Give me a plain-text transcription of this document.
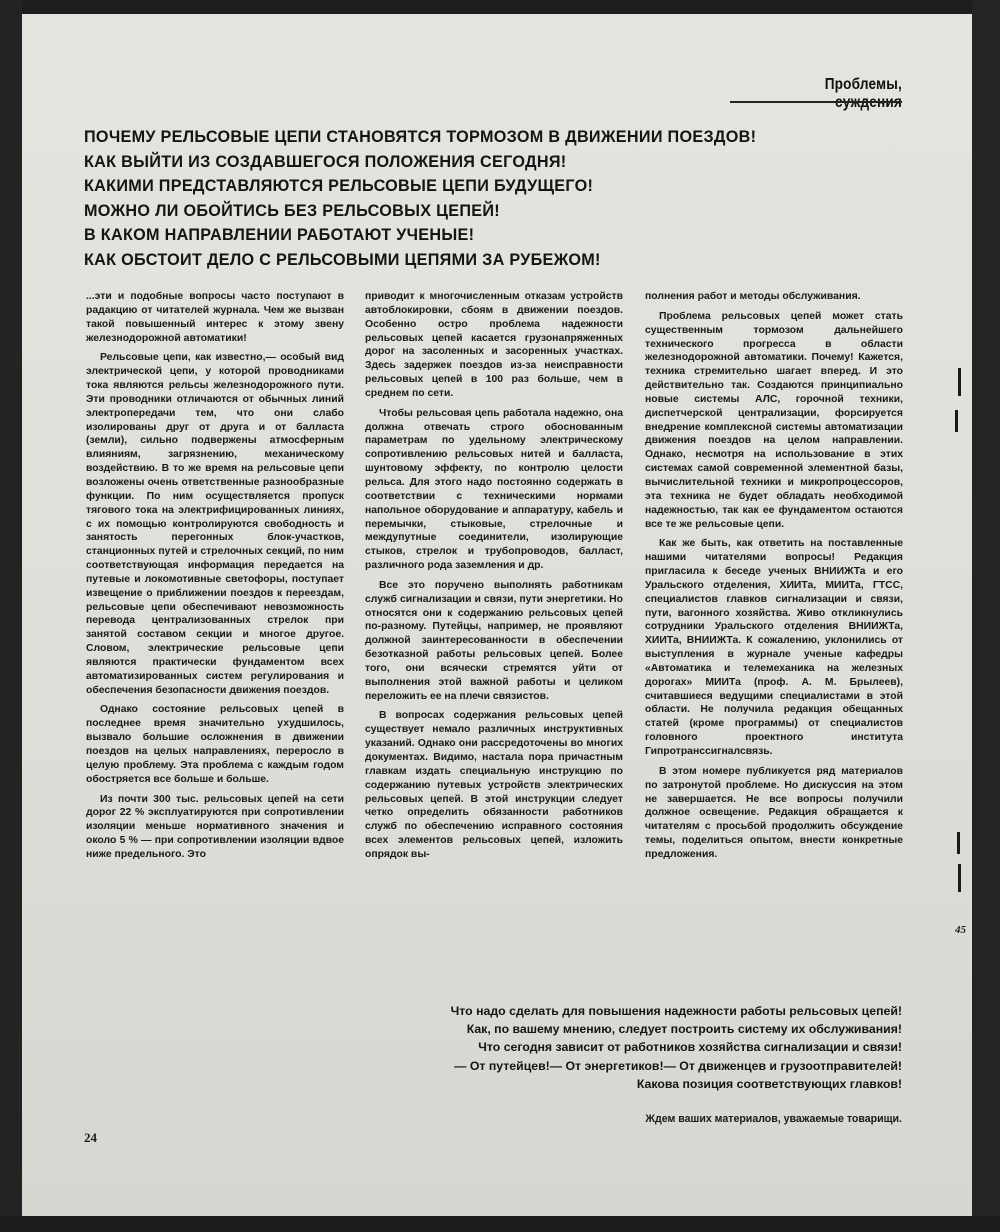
Проблемы,
ПОЧЕМУ РЕЛЬСОВЫЕ ЦЕПИ СТАНОВЯТСЯ ТОРМОЗОМ В ДВИЖЕНИИ ПОЕЗДОВ!
КАК ВЫЙТИ ИЗ СОЗДАВШЕГОСЯ ПОЛОЖЕНИЯ СЕГОДНЯ!
КАКИМИ ПРЕДСТАВЛЯЮТСЯ РЕЛЬСОВЫЕ ЦЕПИ БУДУЩЕГО!
МОЖНО ЛИ ОБОЙТИСЬ БЕЗ РЕЛЬСОВЫХ ЦЕПЕЙ!
В КАКОМ НАПРАВЛЕНИИ РАБОТАЮТ УЧЕНЫЕ!
КАК ОБСТОИТ ДЕЛО С РЕЛЬСОВЫМИ ЦЕПЯМИ ЗА РУБЕЖОМ!

...эти и подобные вопросы часто поступают в радакцию от читателей журнала. Чем же вызван такой повышенный интерес к этому звену железнодорожной автоматики!

Рельсовые цепи, как известно,— особый вид электрической цепи, у которой проводниками тока являются рельсы железнодорожного пути. Эти проводники отличаются от обычных линий электропередачи тем, что они слабо изолированы друг от друга и от балласта (земли), сильно подвержены атмосферным влияниям, загрязнению, механическому воздействию. В то же время на рельсовые цепи возложены очень ответственные разнообразные функции. По ним осуществляется пропуск тягового тока на электрифицированных линиях, с их помощью контролируются свободность и занятость перегонных блок-участков, станционных путей и стрелочных секций, по ним соответствующая информация передается на путевые и локомотивные светофоры, поступает извещение о приближении поездов к переездам, рельсовые цепи обеспечивают невозможность перевода централизованных стрелок при занятой составом секции и многое другое. Словом, электрические рельсовые цепи являются практически фундаментом всех автоматизированных систем регулирования и обеспечения безопасности движения поездов.

Однако состояние рельсовых цепей в последнее время значительно ухудшилось, вызвало большие осложнения в движении поездов на целых направлениях, переросло в целую проблему. Эта проблема с каждым годом обостряется все больше и больше.

Из почти 300 тыс. рельсовых цепей на сети дорог 22 % эксплуатируются при сопротивлении изоляции меньше нормативного значения и около 5 % — при сопротивлении изоляции вдвое ниже предельного. Это

приводит к многочисленным отказам устройств автоблокировки, сбоям в движении поездов. Особенно остро проблема надежности рельсовых цепей касается грузонапряженных дорог на засоленных и засоренных участках. Здесь задержек поездов из-за неисправности рельсовых цепей в 100 раз больше, чем в среднем по сети.

Чтобы рельсовая цепь работала надежно, она должна отвечать строго обоснованным параметрам по удельному электрическому сопротивлению рельсовых нитей и балласта, шунтовому эффекту, по контролю целости рельса. Для этого надо постоянно содержать в соответствии с техническими нормами напольное оборудование и аппаратуру, кабель и перемычки, стыковые, стрелочные и междупутные соединители, изолирующие стыков, стрелок и трубопроводов, балласт, различного рода заземления и др.

Все это поручено выполнять работникам служб сигнализации и связи, пути энергетики. Но относятся они к содержанию рельсовых цепей по-разному. Путейцы, например, не проявляют должной заинтересованности в обеспечении безотказной работы рельсовых цепей. Более того, они всячески стремятся уйти от выполнения этой важной работы и целиком переложить ее на плечи связистов.

В вопросах содержания рельсовых цепей существует немало различных инструктивных указаний. Однако они рассредоточены во многих документах. Видимо, настала пора причастным главкам издать специальную инструкцию по содержанию путевых устройств электрических рельсовых цепей. В этой инструкции следует четко определить обязанности работников служб по обеспечению исправного состояния всех элементов рельсовых цепей, изложить опрядок вы-

полнения работ и методы обслуживания.

Проблема рельсовых цепей может стать существенным тормозом дальнейшего технического прогресса в области железнодорожной автоматики. Почему! Кажется, техника стремительно шагает вперед. И это действительно так. Создаются принципиально новые системы АЛС, горочной техники, диспетчерской централизации, форсируется внедрение комплексной системы автоматизации движения поездов на целом направлении. Однако, несмотря на использование в этих системах самой современной элементной базы, вычислительной техники и микропроцессоров, эта техника не будет обладать необходимой надежностью, так как ее фундаментом остаются все те же рельсовые цепи.

Как же быть, как ответить на поставленные нашими читателями вопросы! Редакция пригласила к беседе ученых ВНИИЖТа и его Уральского отделения, ХИИТа, МИИТа, ГТСС, специалистов главков сигнализации и связи, пути, вагонного хозяйства. Живо откликнулись сотрудники Уральского отделения ВНИИЖТа, ХИИТа, ВНИИЖТа. К сожалению, уклонились от выступления в журнале ученые кафедры «Автоматика и телемеханика на железных дорогах» МИИТа (проф. А. М. Брылеев), считавшиеся ведущими специалистами в этой области. Не получила редакция обещанных статей (кроме программы) от специалистов головного проектного института Гипротранссигналсвязь.

В этом номере публикуется ряд материалов по затронутой проблеме. Но дискуссия на этом не завершается. Не все вопросы получили должное освещение. Редакция обращается к читателям с просьбой продолжить обсуждение темы, поделиться опытом, внести конкретные предложения.

Что надо сделать для повышения надежности работы рельсовых цепей!
Как, по вашему мнению, следует построить систему их обслуживания!
Что сегодня зависит от работников хозяйства сигнализации и связи!
— От путейцев!— От энергетиков!— От движенцев и грузоотправителей!
Какова позиция соответствующих главков!
Ждем ваших материалов, уважаемые товарищи.
24
45
